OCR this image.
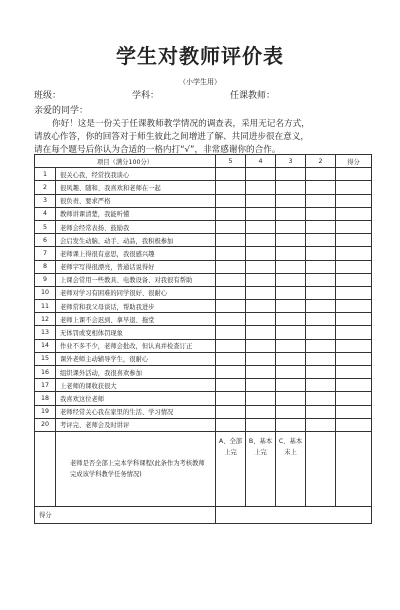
学生对教师评价表
（小学生用）
班级：	学科：	任课教师：
亲爱的同学：
你好！这是一份关于任课教师教学情况的调查表，采用无记名方式，
请放心作答，你的回答对于师生彼此之间增进了解、共同进步很在意义，
请在每个题号后你认为合适的一格内打“√”，非常感谢你的合作。
项目（满分100分）		5	4	3	2	得分
1	很关心我，经常找我谈心					
2	很风趣、随和、我喜欢和老师在一起					
3	很负责、要求严格					
4	教师讲课清楚，我能听懂					
5	老师会经常表扬、鼓励我					
6	会启发生动脑、动手、动品，我积极参加					
7	老师课上得很有意思，我很感兴趣					
8	老师字写得很漂亮，普通话说得好					
9	上课会常用一些教具、电教设备、对我很有帮助					
10	老师对学习有困难的同学很好、很耐心					
11	老师常和我父母谈话，帮助我进步					
12	老师上课不会迟到、拿早退、拖堂					
13	无体罚或变相体罚现象					
14	作业不多不少，老师会批改，但认真并检查订正					
15	课外老师主动辅导学生，很耐心					
16	组织课外活动，我很喜欢参加					
17	上老师的课收获很大					
18	我喜欢这位老师					
19	老师经常关心我在家里的生活、学习情况					
20	考评完、老师会及时讲评					
	老师是否全部上完本学科课程(此条作为考核教师完成该学科教学任务情况)	A、全部上完	B、基本上完	C、基本未上		
得分						
